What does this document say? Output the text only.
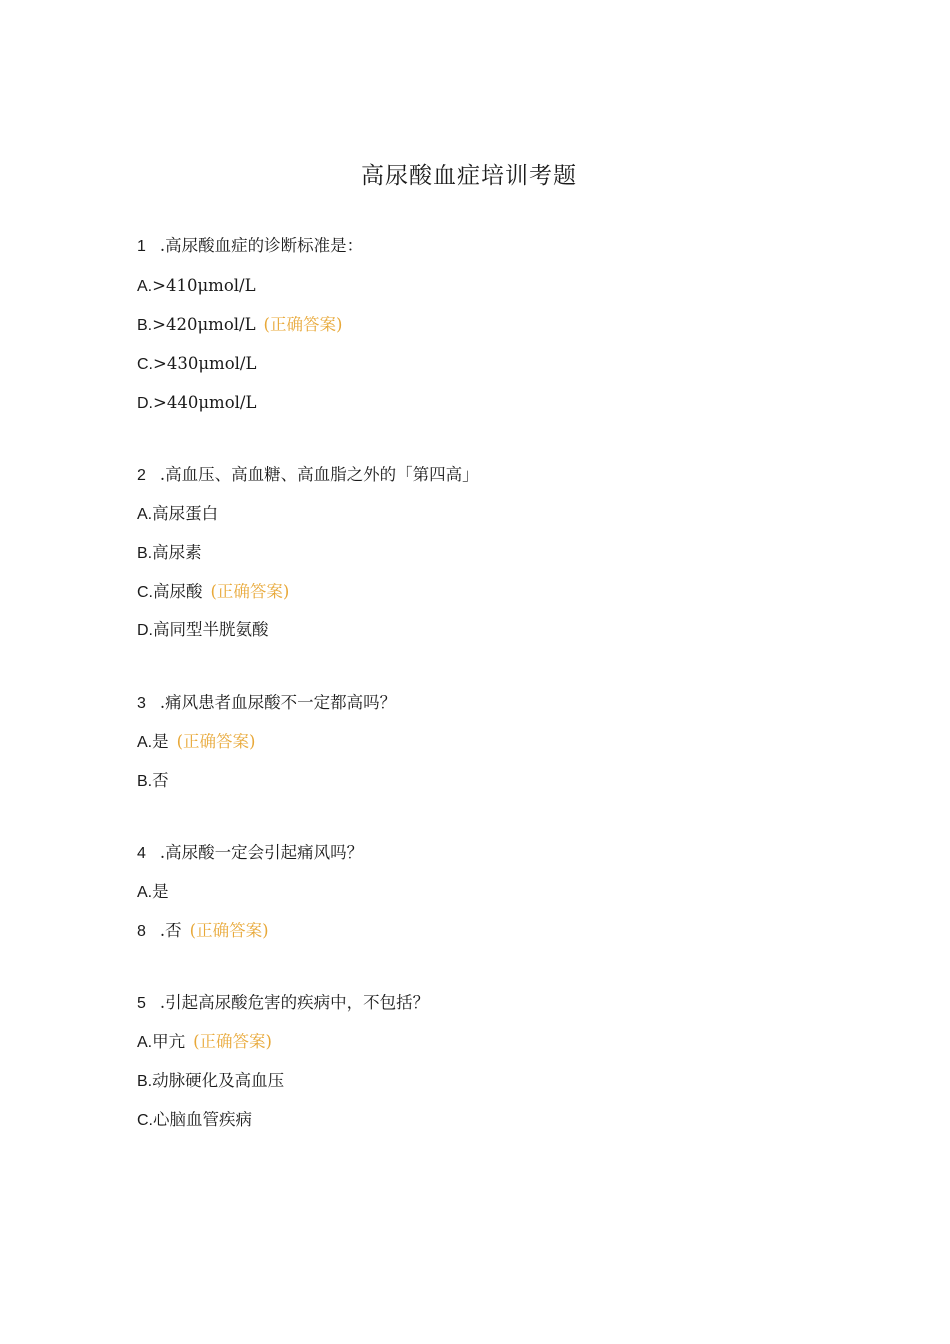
高尿酸血症培训考题
1 .高尿酸血症的诊断标准是：
A.>410μmol/L
B.>420μmol/L (正确答案)
C.>430μmol/L
D.>440μmol/L
2 .高血压、高血糖、高血脂之外的「第四高」
A.高尿蛋白
B.高尿素
C.高尿酸 (正确答案)
D.高同型半胱氨酸
3 .痛风患者血尿酸不一定都高吗？
A.是 (正确答案)
B.否
4 .高尿酸一定会引起痛风吗？
A.是
8 .否 (正确答案)
5 .引起高尿酸危害的疾病中，不包括？
A.甲亢 (正确答案)
B.动脉硬化及高血压
C.心脑血管疾病
